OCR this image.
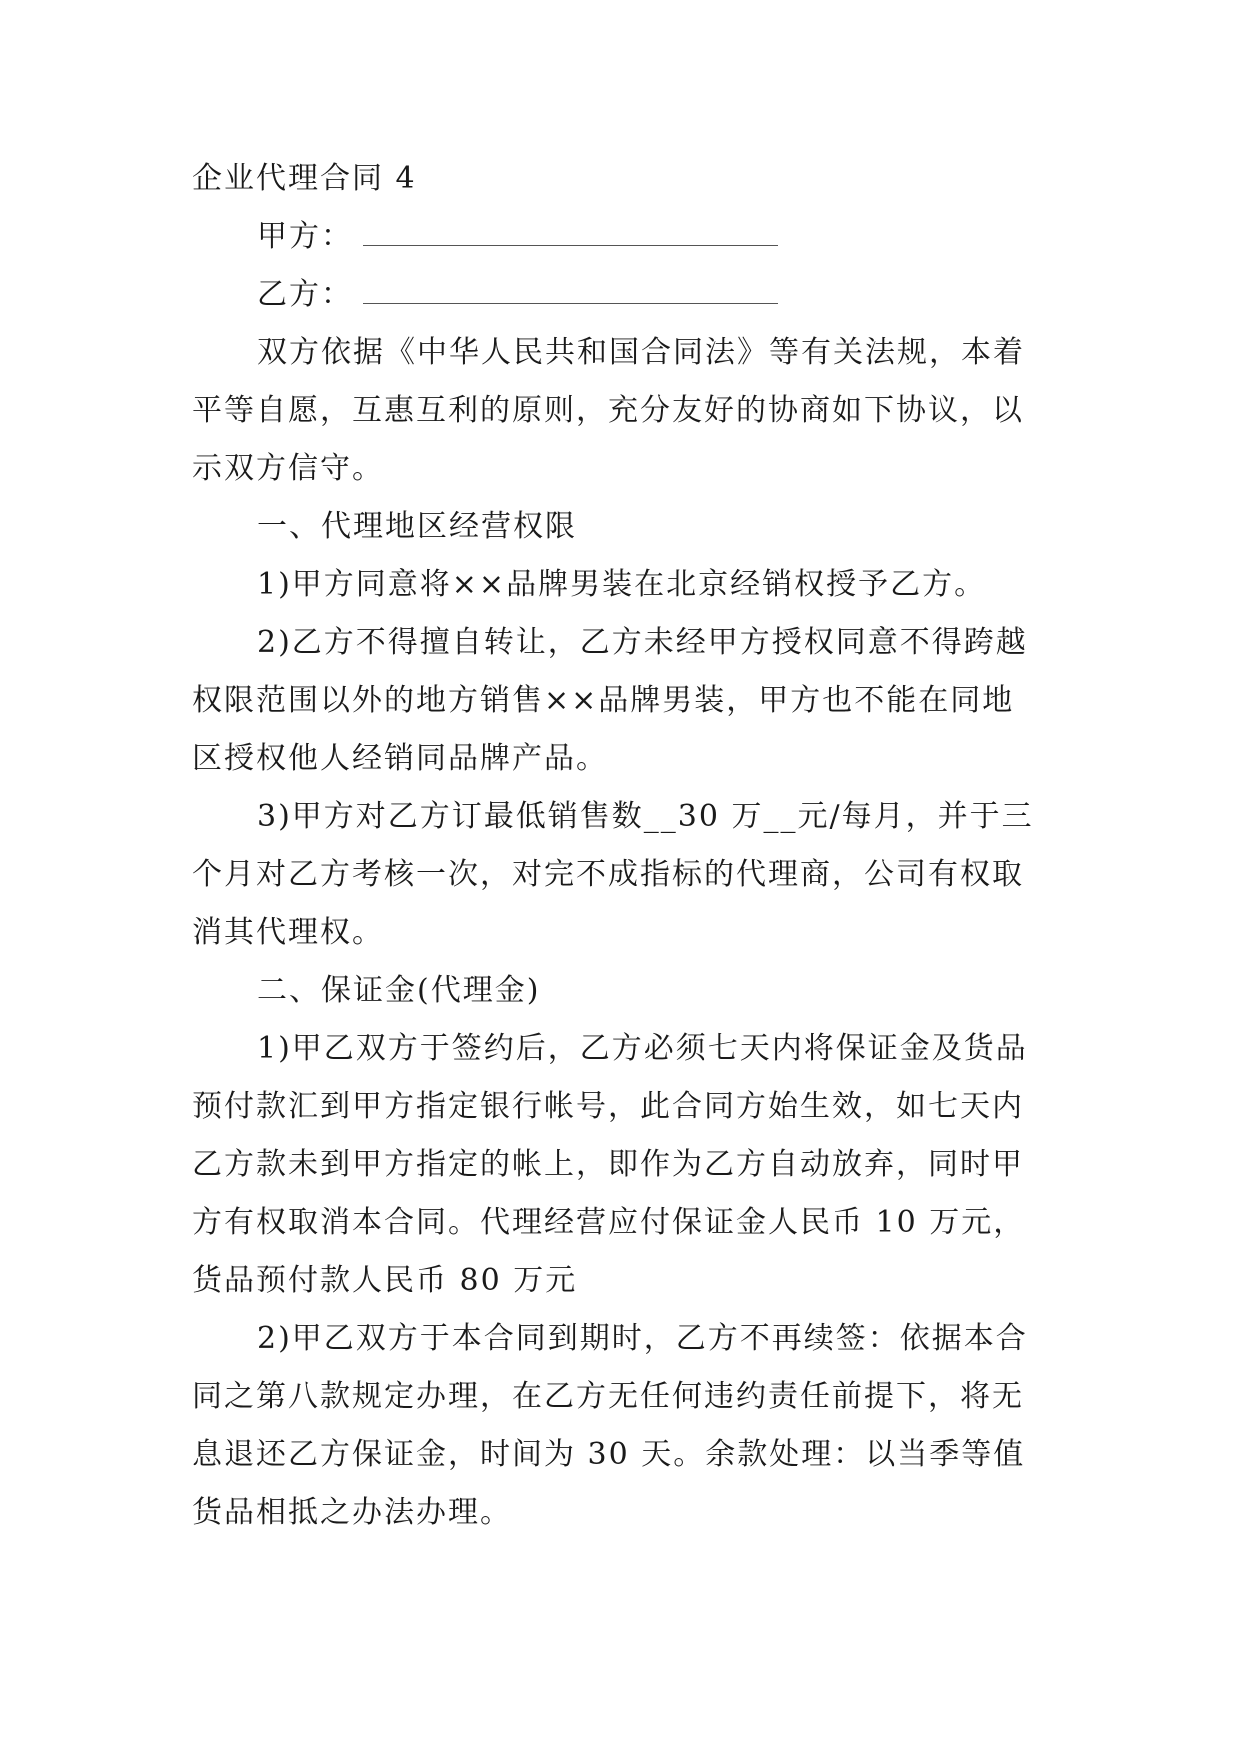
企业代理合同 4
甲方：
乙方：
双方依据《中华人民共和国合同法》等有关法规，本着
平等自愿，互惠互利的原则，充分友好的协商如下协议，以
示双方信守。
一、代理地区经营权限
1)甲方同意将××品牌男装在北京经销权授予乙方。
2)乙方不得擅自转让，乙方未经甲方授权同意不得跨越
权限范围以外的地方销售××品牌男装，甲方也不能在同地
区授权他人经销同品牌产品。
3)甲方对乙方订最低销售数__30 万__元/每月，并于三
个月对乙方考核一次，对完不成指标的代理商，公司有权取
消其代理权。
二、保证金(代理金)
1)甲乙双方于签约后，乙方必须七天内将保证金及货品
预付款汇到甲方指定银行帐号，此合同方始生效，如七天内
乙方款未到甲方指定的帐上，即作为乙方自动放弃，同时甲
方有权取消本合同。代理经营应付保证金人民币 10 万元，
货品预付款人民币 80 万元
2)甲乙双方于本合同到期时，乙方不再续签：依据本合
同之第八款规定办理，在乙方无任何违约责任前提下，将无
息退还乙方保证金，时间为 30 天。余款处理：以当季等值
货品相抵之办法办理。
